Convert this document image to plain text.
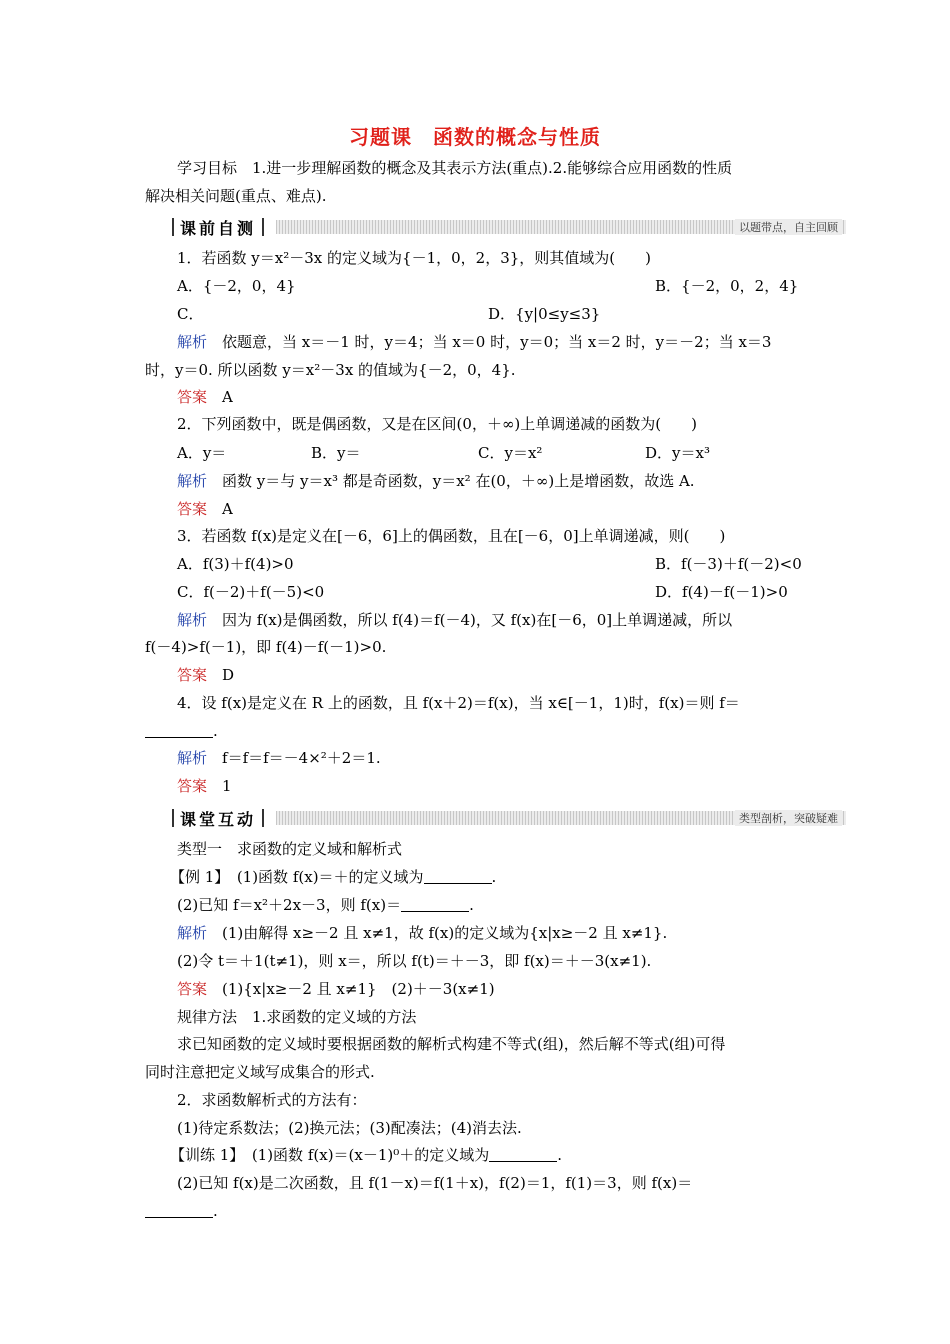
习题课　函数的概念与性质
学习目标　1.进一步理解函数的概念及其表示方法(重点).2.能够综合应用函数的性质
解决相关问题(重点、难点).
课前自测	以题带点，自主回顾
1．若函数 y＝x²－3x 的定义域为{－1，0，2，3}，则其值域为(　　)
A．{－2，0，4}	B．{－2，0，2，4}
C．	D．{y|0≤y≤3}
解析　依题意，当 x＝－1 时，y＝4；当 x＝0 时，y＝0；当 x＝2 时，y＝－2；当 x＝3
时，y＝0. 所以函数 y＝x²－3x 的值域为{－2，0，4}.
答案　A
2．下列函数中，既是偶函数，又是在区间(0，＋∞)上单调递减的函数为(　　)
A．y＝	B．y＝	C．y＝x²	D．y＝x³
解析　函数 y＝与 y＝x³ 都是奇函数，y＝x² 在(0，＋∞)上是增函数，故选 A.
答案　A
3．若函数 f(x)是定义在[－6，6]上的偶函数，且在[－6，0]上单调递减，则(　　)
A．f(3)＋f(4)>0	B．f(－3)＋f(－2)<0
C．f(－2)＋f(－5)<0	D．f(4)－f(－1)>0
解析　因为 f(x)是偶函数，所以 f(4)＝f(－4)，又 f(x)在[－6，0]上单调递减，所以
f(－4)>f(－1)，即 f(4)－f(－1)>0.
答案　D
4．设 f(x)是定义在 R 上的函数，且 f(x＋2)＝f(x)，当 x∈[－1，1)时，f(x)＝则 f＝
.
解析　f＝f＝f＝－4×²＋2＝1.
答案　1
课堂互动	类型剖析，突破疑难
类型一　求函数的定义域和解析式
【例 1】　(1)函数 f(x)＝＋的定义域为	.
(2)已知 f＝x²＋2x－3，则 f(x)＝	.
解析　(1)由解得 x≥－2 且 x≠1，故 f(x)的定义域为{x|x≥－2 且 x≠1}.
(2)令 t＝＋1(t≠1)，则 x＝，所以 f(t)＝＋－3，即 f(x)＝＋－3(x≠1).
答案　(1){x|x≥－2 且 x≠1}　(2)＋－3(x≠1)
规律方法　1.求函数的定义域的方法
求已知函数的定义域时要根据函数的解析式构建不等式(组)，然后解不等式(组)可得
同时注意把定义域写成集合的形式.
2．求函数解析式的方法有：
(1)待定系数法；(2)换元法；(3)配凑法；(4)消去法.
【训练 1】　(1)函数 f(x)＝(x－1)⁰＋的定义域为	.
(2)已知 f(x)是二次函数，且 f(1－x)＝f(1＋x)，f(2)＝1，f(1)＝3，则 f(x)＝
.
